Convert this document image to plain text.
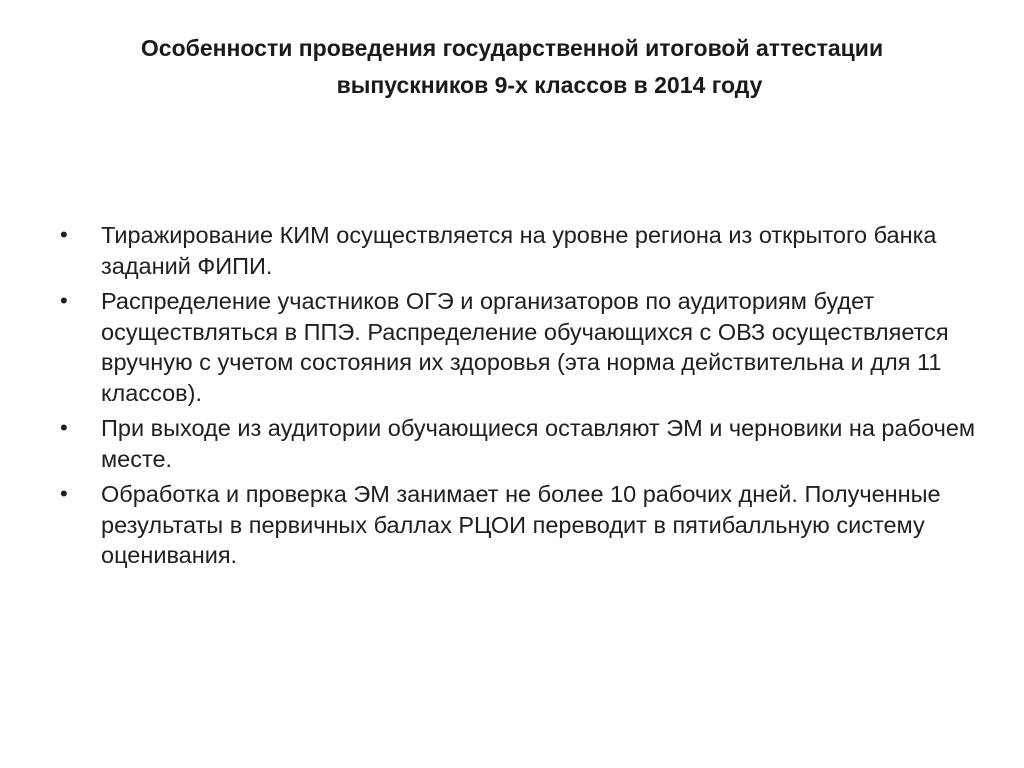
Особенности проведения государственной итоговой аттестации
выпускников 9-х классов в 2014 году
• Тиражирование КИМ осуществляется на уровне региона из открытого банка заданий ФИПИ.
• Распределение участников ОГЭ и организаторов по аудиториям будет осуществляться в ППЭ. Распределение обучающихся с ОВЗ осуществляется вручную с учетом состояния их здоровья (эта норма действительна и для 11 классов).
• При выходе из аудитории обучающиеся оставляют ЭМ и черновики на рабочем месте.
• Обработка и проверка ЭМ занимает не более 10 рабочих дней. Полученные результаты в первичных баллах РЦОИ переводит в пятибалльную систему оценивания.
